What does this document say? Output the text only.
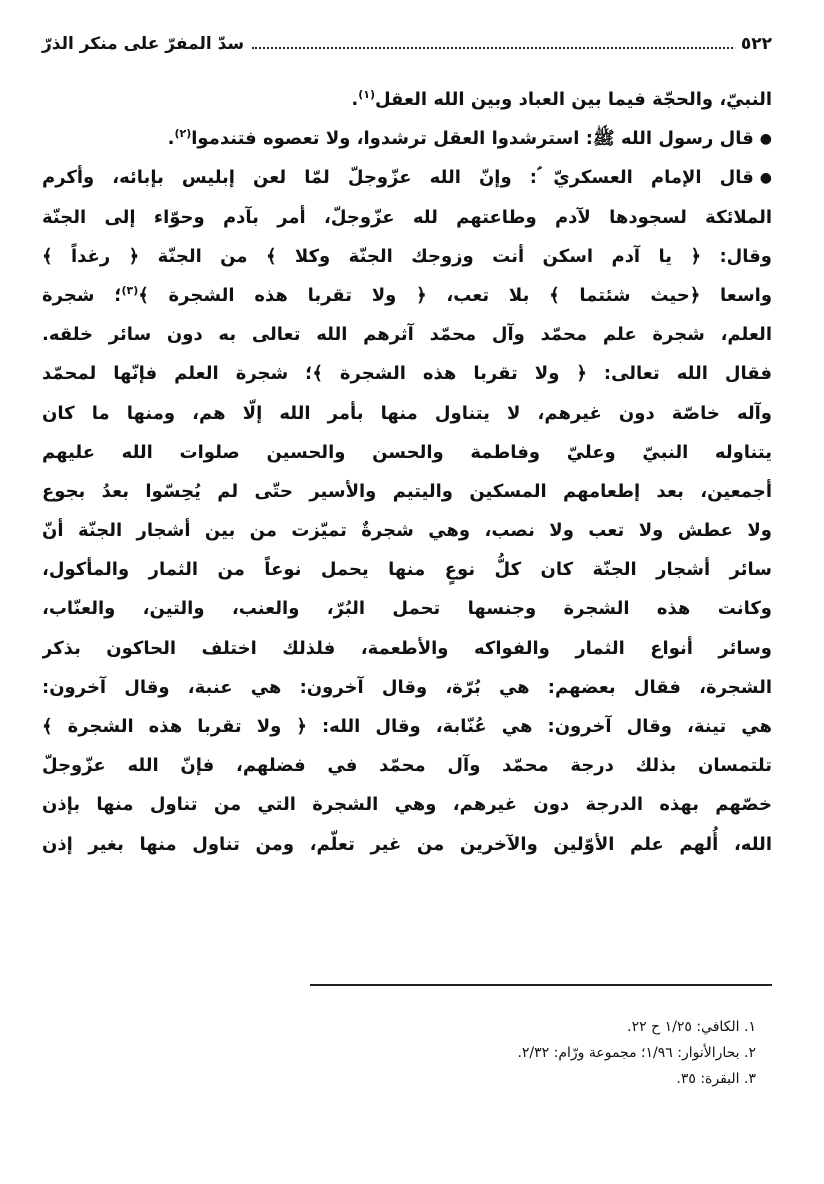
٥٢٢
سدّ المفرّ على منكر الذرّ
النبيّ، والحجّة فيما بين العباد وبين الله العقل$^{(١)}$.
●قال رسول الله ﷺ: استرشدوا العقل ترشدوا، ولا تعصوه فتندموا$^{(٢)}$.
●قال الإمام العسكريّ ؑ: وإنّ الله عزّوجلّ لمّا لعن إبليس بإبائه، وأكرم
الملائكة لسجودها لآدم وطاعتهم لله عزّوجلّ، أمر بآدم وحوّاء إلى الجنّة
وقال: ﴿ يا آدم اسكن أنت وزوجك الجنّة وكلا ﴾ من الجنّة ﴿ رغداً ﴾
واسعا ﴿حيث شئتما ﴾ بلا تعب، ﴿ ولا تقربا هذه الشجرة ﴾$^{(٣)}$؛ شجرة
العلم، شجرة علم محمّد وآل محمّد آثرهم الله تعالى به دون سائر خلقه.
فقال الله تعالى: ﴿ ولا تقربا هذه الشجرة ﴾؛ شجرة العلم فإنّها لمحمّد
وآله خاصّة دون غيرهم، لا يتناول منها بأمر الله إلّا هم، ومنها ما كان
يتناوله النبيّ وعليّ وفاطمة والحسن والحسين صلوات الله عليهم
أجمعين، بعد إطعامهم المسكين واليتيم والأسير حتّى لم يُحِسّوا بعدُ بجوع
ولا عطش ولا تعب ولا نصب، وهي شجرةٌ تميّزت من بين أشجار الجنّة أنّ
سائر أشجار الجنّة كان كلُّ نوعٍ منها يحمل نوعاً من الثمار والمأكول،
وكانت هذه الشجرة وجنسها تحمل البُرّ، والعنب، والتين، والعنّاب،
وسائر أنواع الثمار والفواكه والأطعمة، فلذلك اختلف الحاكون بذكر
الشجرة، فقال بعضهم: هي بُرّة، وقال آخرون: هي عنبة، وقال آخرون:
هي تينة، وقال آخرون: هي عُنّابة، وقال الله: ﴿ ولا تقربا هذه الشجرة ﴾
تلتمسان بذلك درجة محمّد وآل محمّد في فضلهم، فإنّ الله عزّوجلّ
خصّهم بهذه الدرجة دون غيرهم، وهي الشجرة التي من تناول منها بإذن
الله، أُلهم علم الأوّلين والآخرين من غير تعلّم، ومن تناول منها بغير إذن
١. الكافي: ١/٢٥ ح ٢٢.
٢. بحارالأنوار: ١/٩٦؛ مجموعة ورّام: ٢/٣٢.
٣. البقرة: ٣٥.
